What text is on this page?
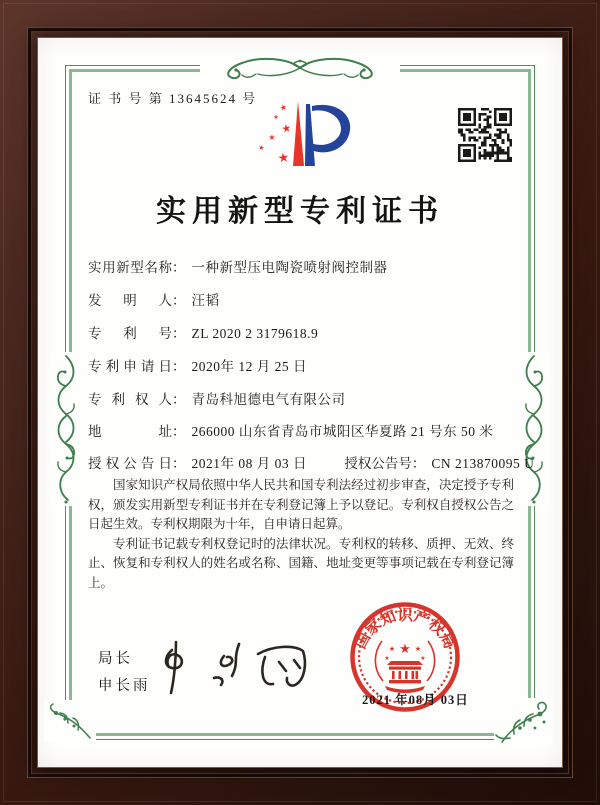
证 书 号 第 13645624 号
★
★
★
★
★
★
实用新型专利证书
实用新型名称： 一种新型压电陶瓷喷射阀控制器
发明人： 汪韬
专利号： ZL 2020 2 3179618.9
专利申请日： 2020年 12 月 25 日
专利权人： 青岛科旭德电气有限公司
地址： 266000 山东省青岛市城阳区华夏路 21 号东 50 米
授权公告日： 2021年 08 月 03 日	授权公告号： CN 213870095 U

国家知识产权局依照中华人民共和国专利法经过初步审查，决定授予专利权，颁发实用新型专利证书并在专利登记簿上予以登记。专利权自授权公告之日起生效。专利权期限为十年，自申请日起算。

专利证书记载专利权登记时的法律状况。专利权的转移、质押、无效、终止、恢复和专利权人的姓名或名称、国籍、地址变更等事项记载在专利登记簿上。

局长
申长雨
国家知识产权局
★
★	★
★	★
2021 年08月 03日
